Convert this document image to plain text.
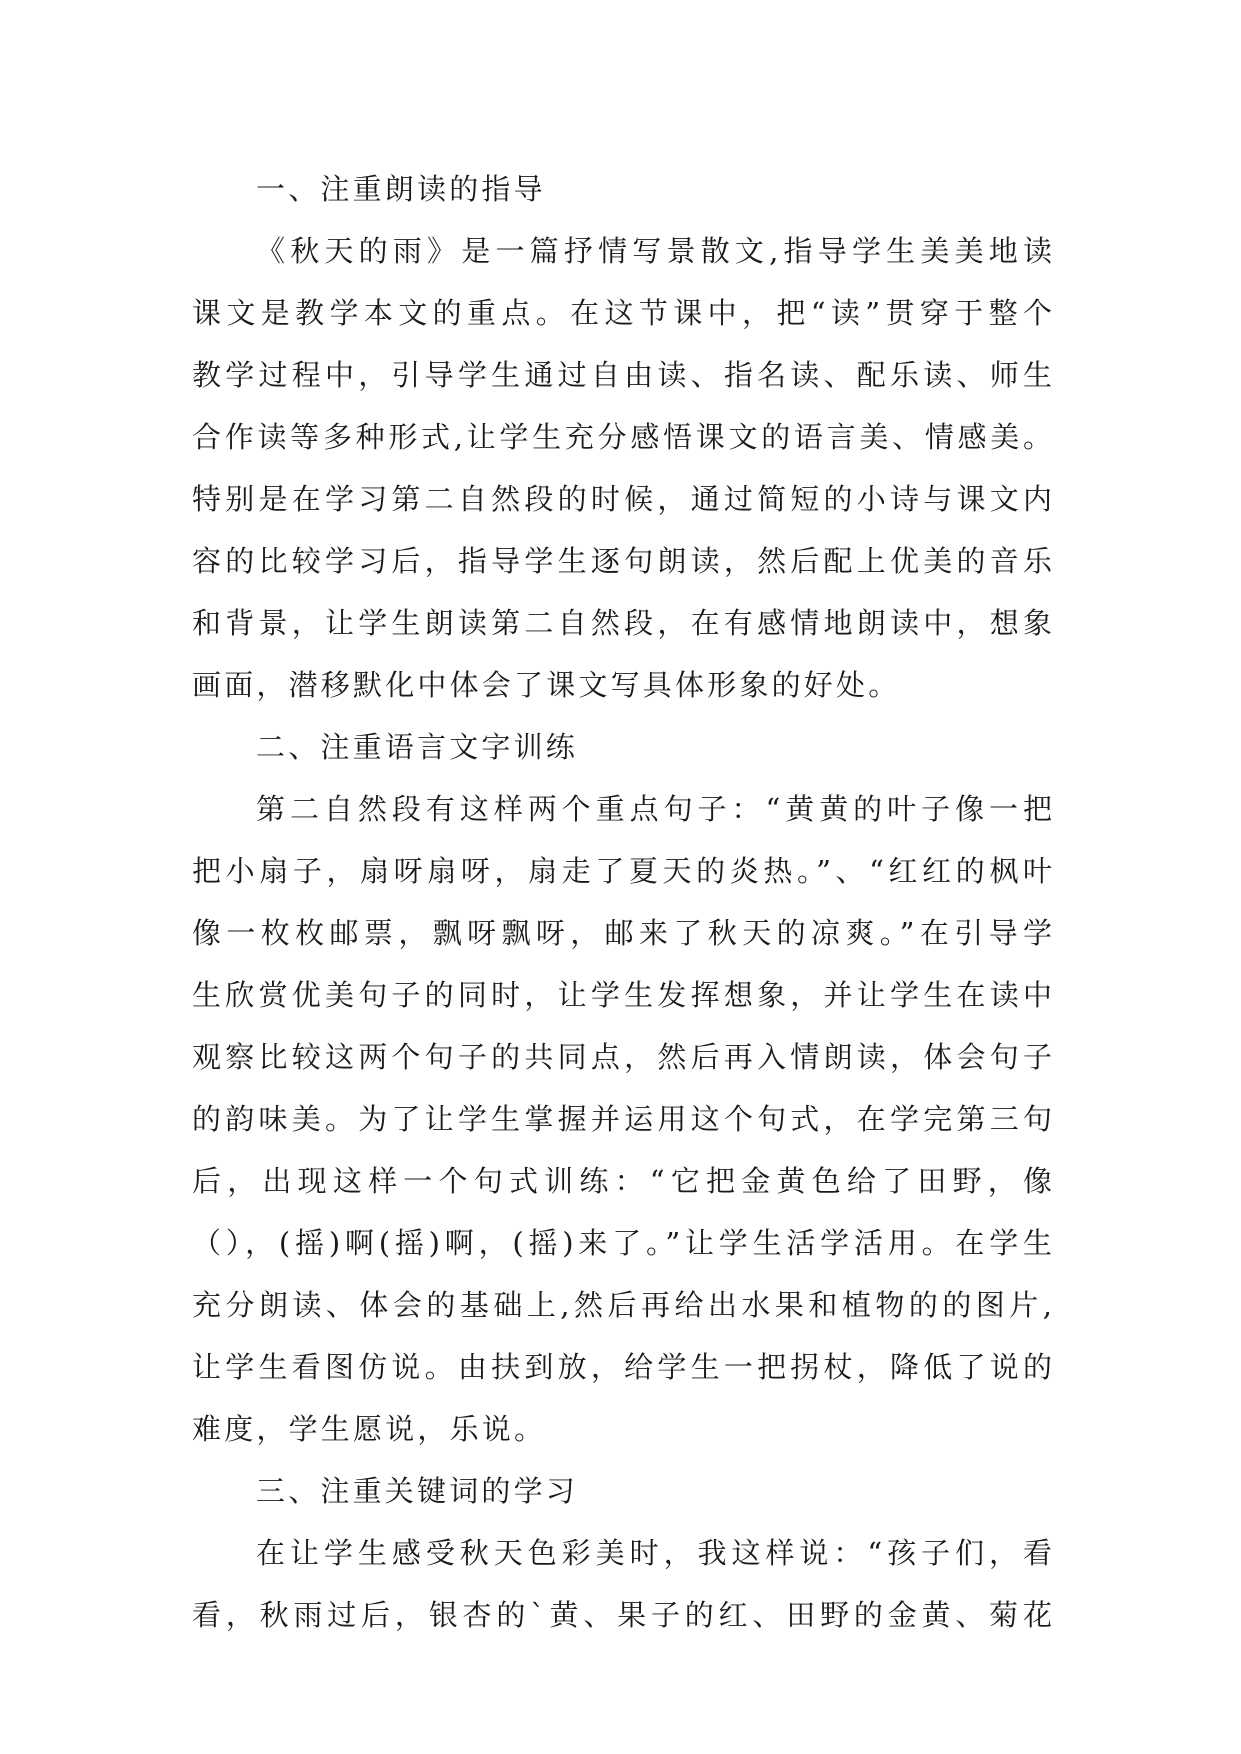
一、注重朗读的指导
《秋天的雨》是一篇抒情写景散文,指导学生美美地读
课文是教学本文的重点。在这节课中，把“读”贯穿于整个
教学过程中，引导学生通过自由读、指名读、配乐读、师生
合作读等多种形式,让学生充分感悟课文的语言美、情感美。
特别是在学习第二自然段的时候，通过简短的小诗与课文内
容的比较学习后，指导学生逐句朗读，然后配上优美的音乐
和背景，让学生朗读第二自然段，在有感情地朗读中，想象
画面，潜移默化中体会了课文写具体形象的好处。
二、注重语言文字训练
第二自然段有这样两个重点句子：“黄黄的叶子像一把
把小扇子，扇呀扇呀，扇走了夏天的炎热。”、“红红的枫叶
像一枚枚邮票，飘呀飘呀，邮来了秋天的凉爽。”在引导学
生欣赏优美句子的同时，让学生发挥想象，并让学生在读中
观察比较这两个句子的共同点，然后再入情朗读，体会句子
的韵味美。为了让学生掌握并运用这个句式，在学完第三句
后，出现这样一个句式训练：“它把金黄色给了田野，像
（），(摇)啊(摇)啊，(摇)来了。”让学生活学活用。在学生
充分朗读、体会的基础上,然后再给出水果和植物的的图片,
让学生看图仿说。由扶到放，给学生一把拐杖，降低了说的
难度，学生愿说，乐说。
三、注重关键词的学习
在让学生感受秋天色彩美时，我这样说：“孩子们，看
看，秋雨过后，银杏的`黄、果子的红、田野的金黄、菊花
